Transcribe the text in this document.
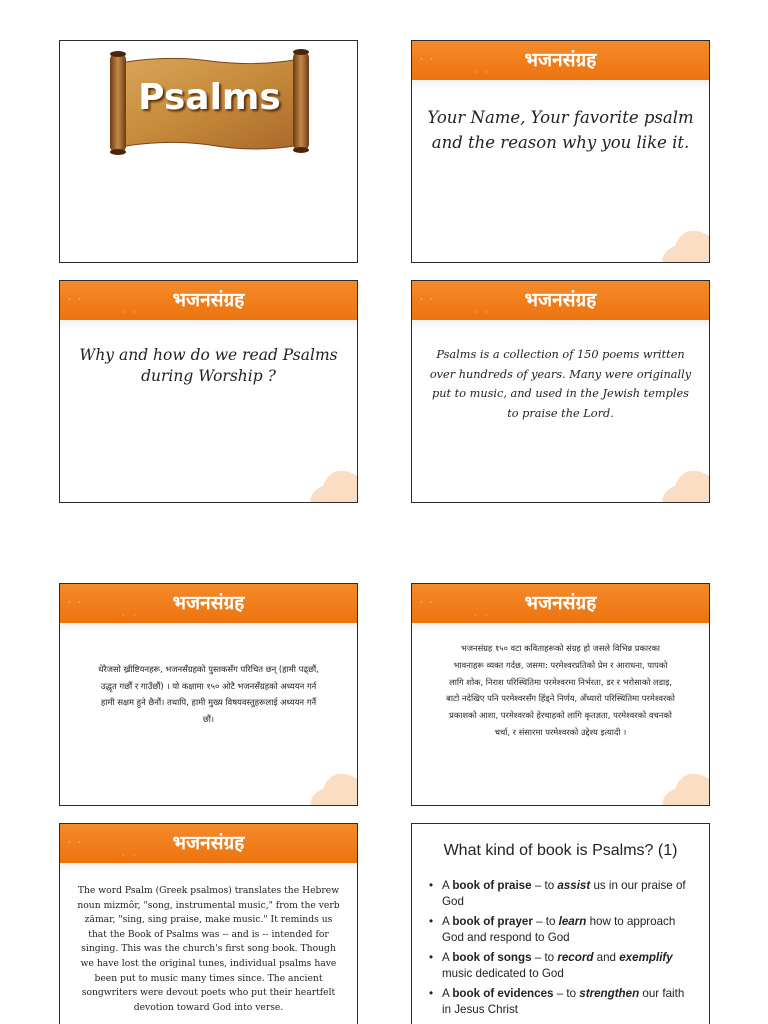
Psalms
· ·
· ·
भजनसंग्रह
Your Name, Your favorite psalm
and the reason why you like it.
· ·
· ·
भजनसंग्रह
Why and how do we read Psalms
during Worship ?
· ·
· ·
भजनसंग्रह
Psalms is a collection of 150 poems written
over hundreds of years. Many were originally
put to music, and used in the Jewish temples
to praise the Lord.
· ·
· ·
भजनसंग्रह
धेरैजसो ख्रीष्टियनहरू, भजनसँग्रहको पुस्तकसँग परिचित छन् (हामी पढ्छौं,
उद्धृत गर्छौं र गाउँछौं) । यो कक्षामा १५० ओटै भजनसँग्रहको अध्ययन गर्न
हामी सक्षम हुने छैनौं। तथापि, हामी मुख्य विषयवस्तुहरूलाई अध्ययन गर्नै
छौं।
· ·
· ·
भजनसंग्रह
भजनसंग्रह १५० वटा कविताहरूको संग्रह हो जसले विभिन्न प्रकारका
भावनाहरू व्यक्त गर्दछ, जसमा: परमेश्वरप्रतिको प्रेम र आराधना, पापको
लागि शोक, निराश परिस्थितिमा परमेश्वरमा निर्भरता, डर र भरोसाको लडाइ,
बाटो नदेखिए पनि परमेश्वरसँग हिंड्ने निर्णय, अँध्यारो परिस्थितिमा परमेश्वरको
प्रकाशको आशा, परमेश्वरको हेरचाहको लागि कृतज्ञता, परमेश्वरको वचनको
चर्चा, र संसारमा परमेश्वरको उद्देश्य इत्यादी ।
· ·
· ·
भजनसंग्रह
The word Psalm (Greek psalmos) translates the Hebrew
noun mizmôr, "song, instrumental music," from the verb
zāmar, "sing, sing praise, make music." It reminds us
that the Book of Psalms was -- and is -- intended for
singing. This was the church's first song book. Though
we have lost the original tunes, individual psalms have
been put to music many times since. The ancient
songwriters were devout poets who put their heartfelt
devotion toward God into verse.
What kind of book is Psalms? (1)
• A book of praise – to assist us in our praise of
God
• A book of prayer – to learn how to approach
God and respond to God
• A book of songs – to record and exemplify
music dedicated to God
• A book of evidences – to strengthen our faith
in Jesus Christ
